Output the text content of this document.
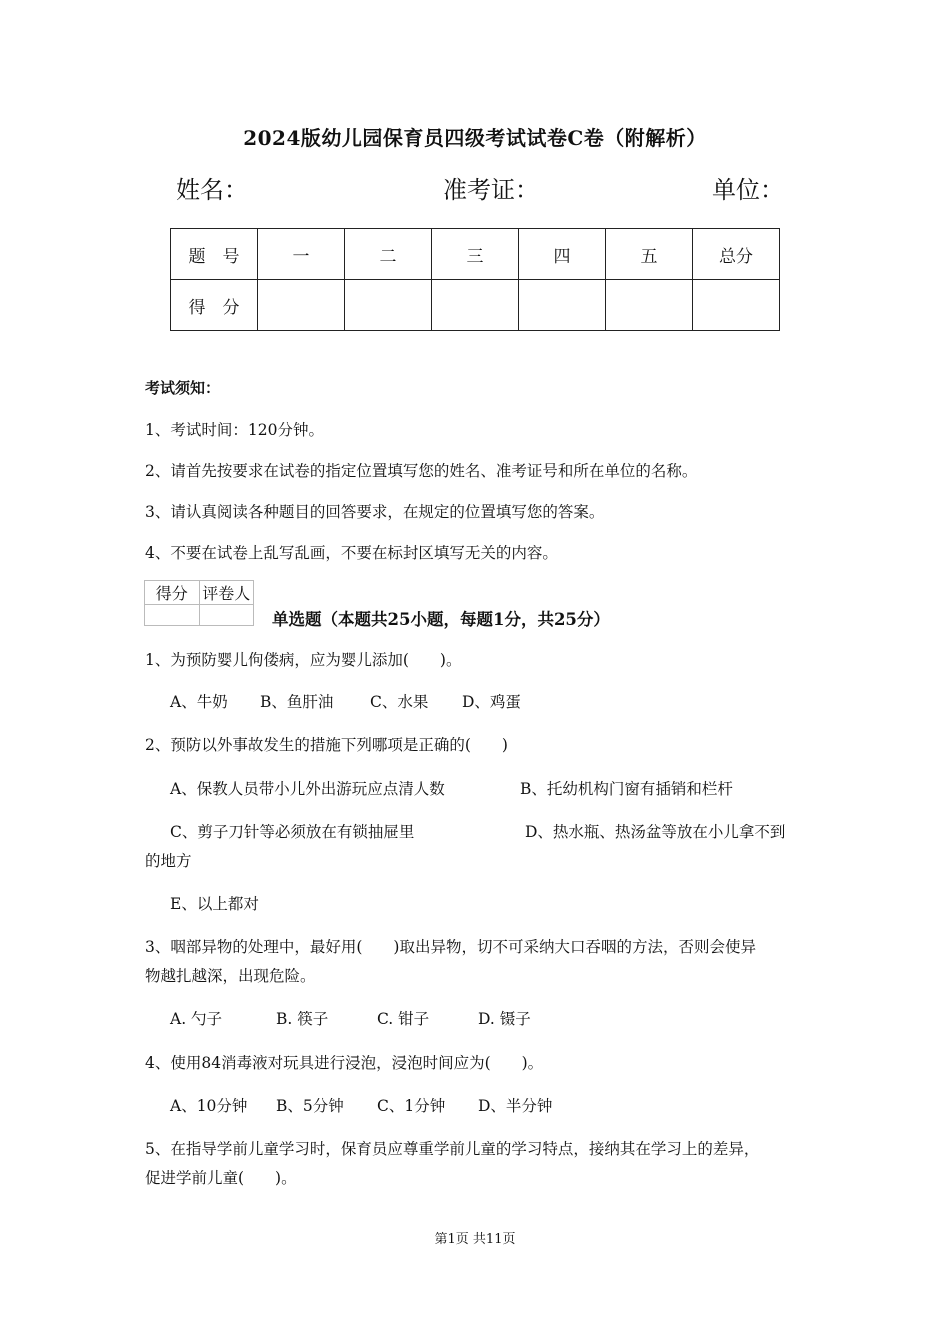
2024版幼儿园保育员四级考试试卷C卷（附解析）
姓名：	准考证：	单位：
题　号	一	二	三	四	五	总分
得　分						
考试须知：
1、考试时间：120分钟。
2、请首先按要求在试卷的指定位置填写您的姓名、准考证号和所在单位的名称。
3、请认真阅读各种题目的回答要求，在规定的位置填写您的答案。
4、不要在试卷上乱写乱画，不要在标封区填写无关的内容。
得分	评卷人

单选题（本题共25小题，每题1分，共25分）
1、为预防婴儿佝偻病，应为婴儿添加(　　)。
A、牛奶 B、鱼肝油 C、水果 D、鸡蛋
2、预防以外事故发生的措施下列哪项是正确的(　　)
A、保教人员带小儿外出游玩应点清人数	B、托幼机构门窗有插销和栏杆
C、剪子刀针等必须放在有锁抽屉里	D、热水瓶、热汤盆等放在小儿拿不到
的地方
E、以上都对
3、咽部异物的处理中，最好用(　　)取出异物，切不可采纳大口吞咽的方法，否则会使异
物越扎越深，出现危险。
A. 勺子	B. 筷子	C. 钳子	D. 镊子
4、使用84消毒液对玩具进行浸泡，浸泡时间应为(　　)。
A、10分钟 B、5分钟 C、1分钟 D、半分钟
5、在指导学前儿童学习时，保育员应尊重学前儿童的学习特点，接纳其在学习上的差异，
促进学前儿童(　　)。
第1页 共11页
